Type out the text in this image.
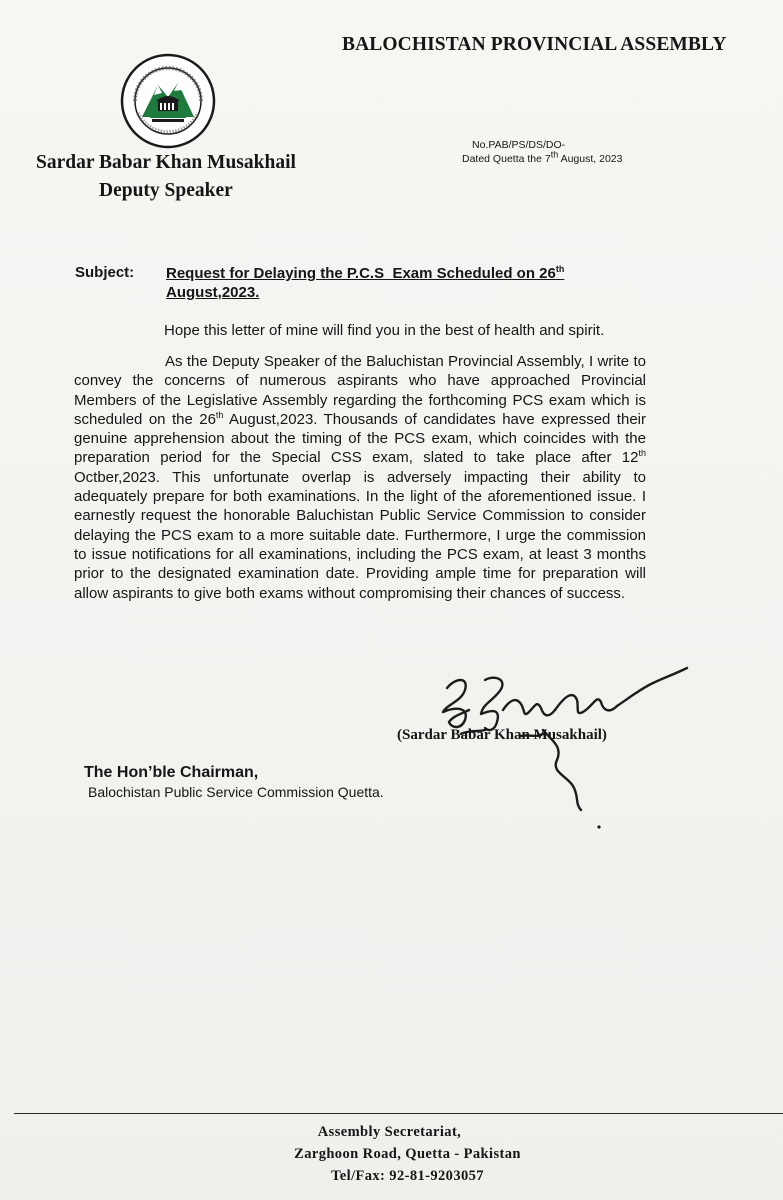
BALOCHISTAN PROVINCIAL ASSEMBLY
Sardar Babar Khan Musakhail
Deputy Speaker
No.PAB/PS/DS/DO-
Dated Quetta the 7th August, 2023
Subject: Request for Delaying the P.C.S  Exam Scheduled on 26th
August,2023.
Hope this letter of mine will find you in the best of health and spirit.
As the Deputy Speaker of the Baluchistan Provincial Assembly, I write to convey the concerns of numerous aspirants who have approached Provincial Members of the Legislative Assembly regarding the forthcoming PCS exam which is scheduled on the 26th August,2023. Thousands of candidates have expressed their genuine apprehension about the timing of the PCS exam, which coincides with the preparation period for the Special CSS exam, slated to take place after 12th Octber,2023. This unfortunate overlap is adversely impacting their ability to adequately prepare for both examinations. In the light of the aforementioned issue. I earnestly request the honorable Baluchistan Public Service Commission to consider delaying the PCS exam to a more suitable date. Furthermore, I urge the commission to issue notifications for all examinations, including the PCS exam, at least 3 months prior to the designated examination date. Providing ample time for preparation will allow aspirants to give both exams without compromising their chances of success.
(Sardar Babar Khan Musakhail)
The Hon’ble Chairman,
Balochistan Public Service Commission Quetta.
Assembly Secretariat,
Zarghoon Road, Quetta - Pakistan
Tel/Fax: 92-81-9203057
